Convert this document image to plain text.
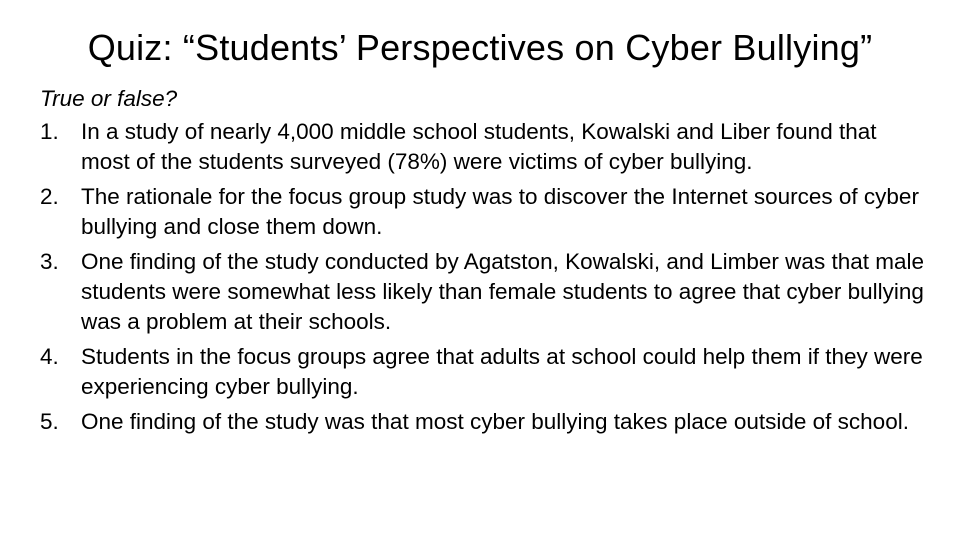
Quiz: “Students’ Perspectives on Cyber Bullying”
True or false?
1. In a study of nearly 4,000 middle school students, Kowalski and Liber found that most of the students surveyed (78%) were victims of cyber bullying.
2. The rationale for the focus group study was to discover the Internet sources of cyber bullying and close them down.
3. One finding of the study conducted by Agatston, Kowalski, and Limber was that male students were somewhat less likely than female students to agree that cyber bullying was a problem at their schools.
4. Students in the focus groups agree that adults at school could help them if they were experiencing cyber bullying.
5. One finding of the study was that most cyber bullying takes place outside of school.
